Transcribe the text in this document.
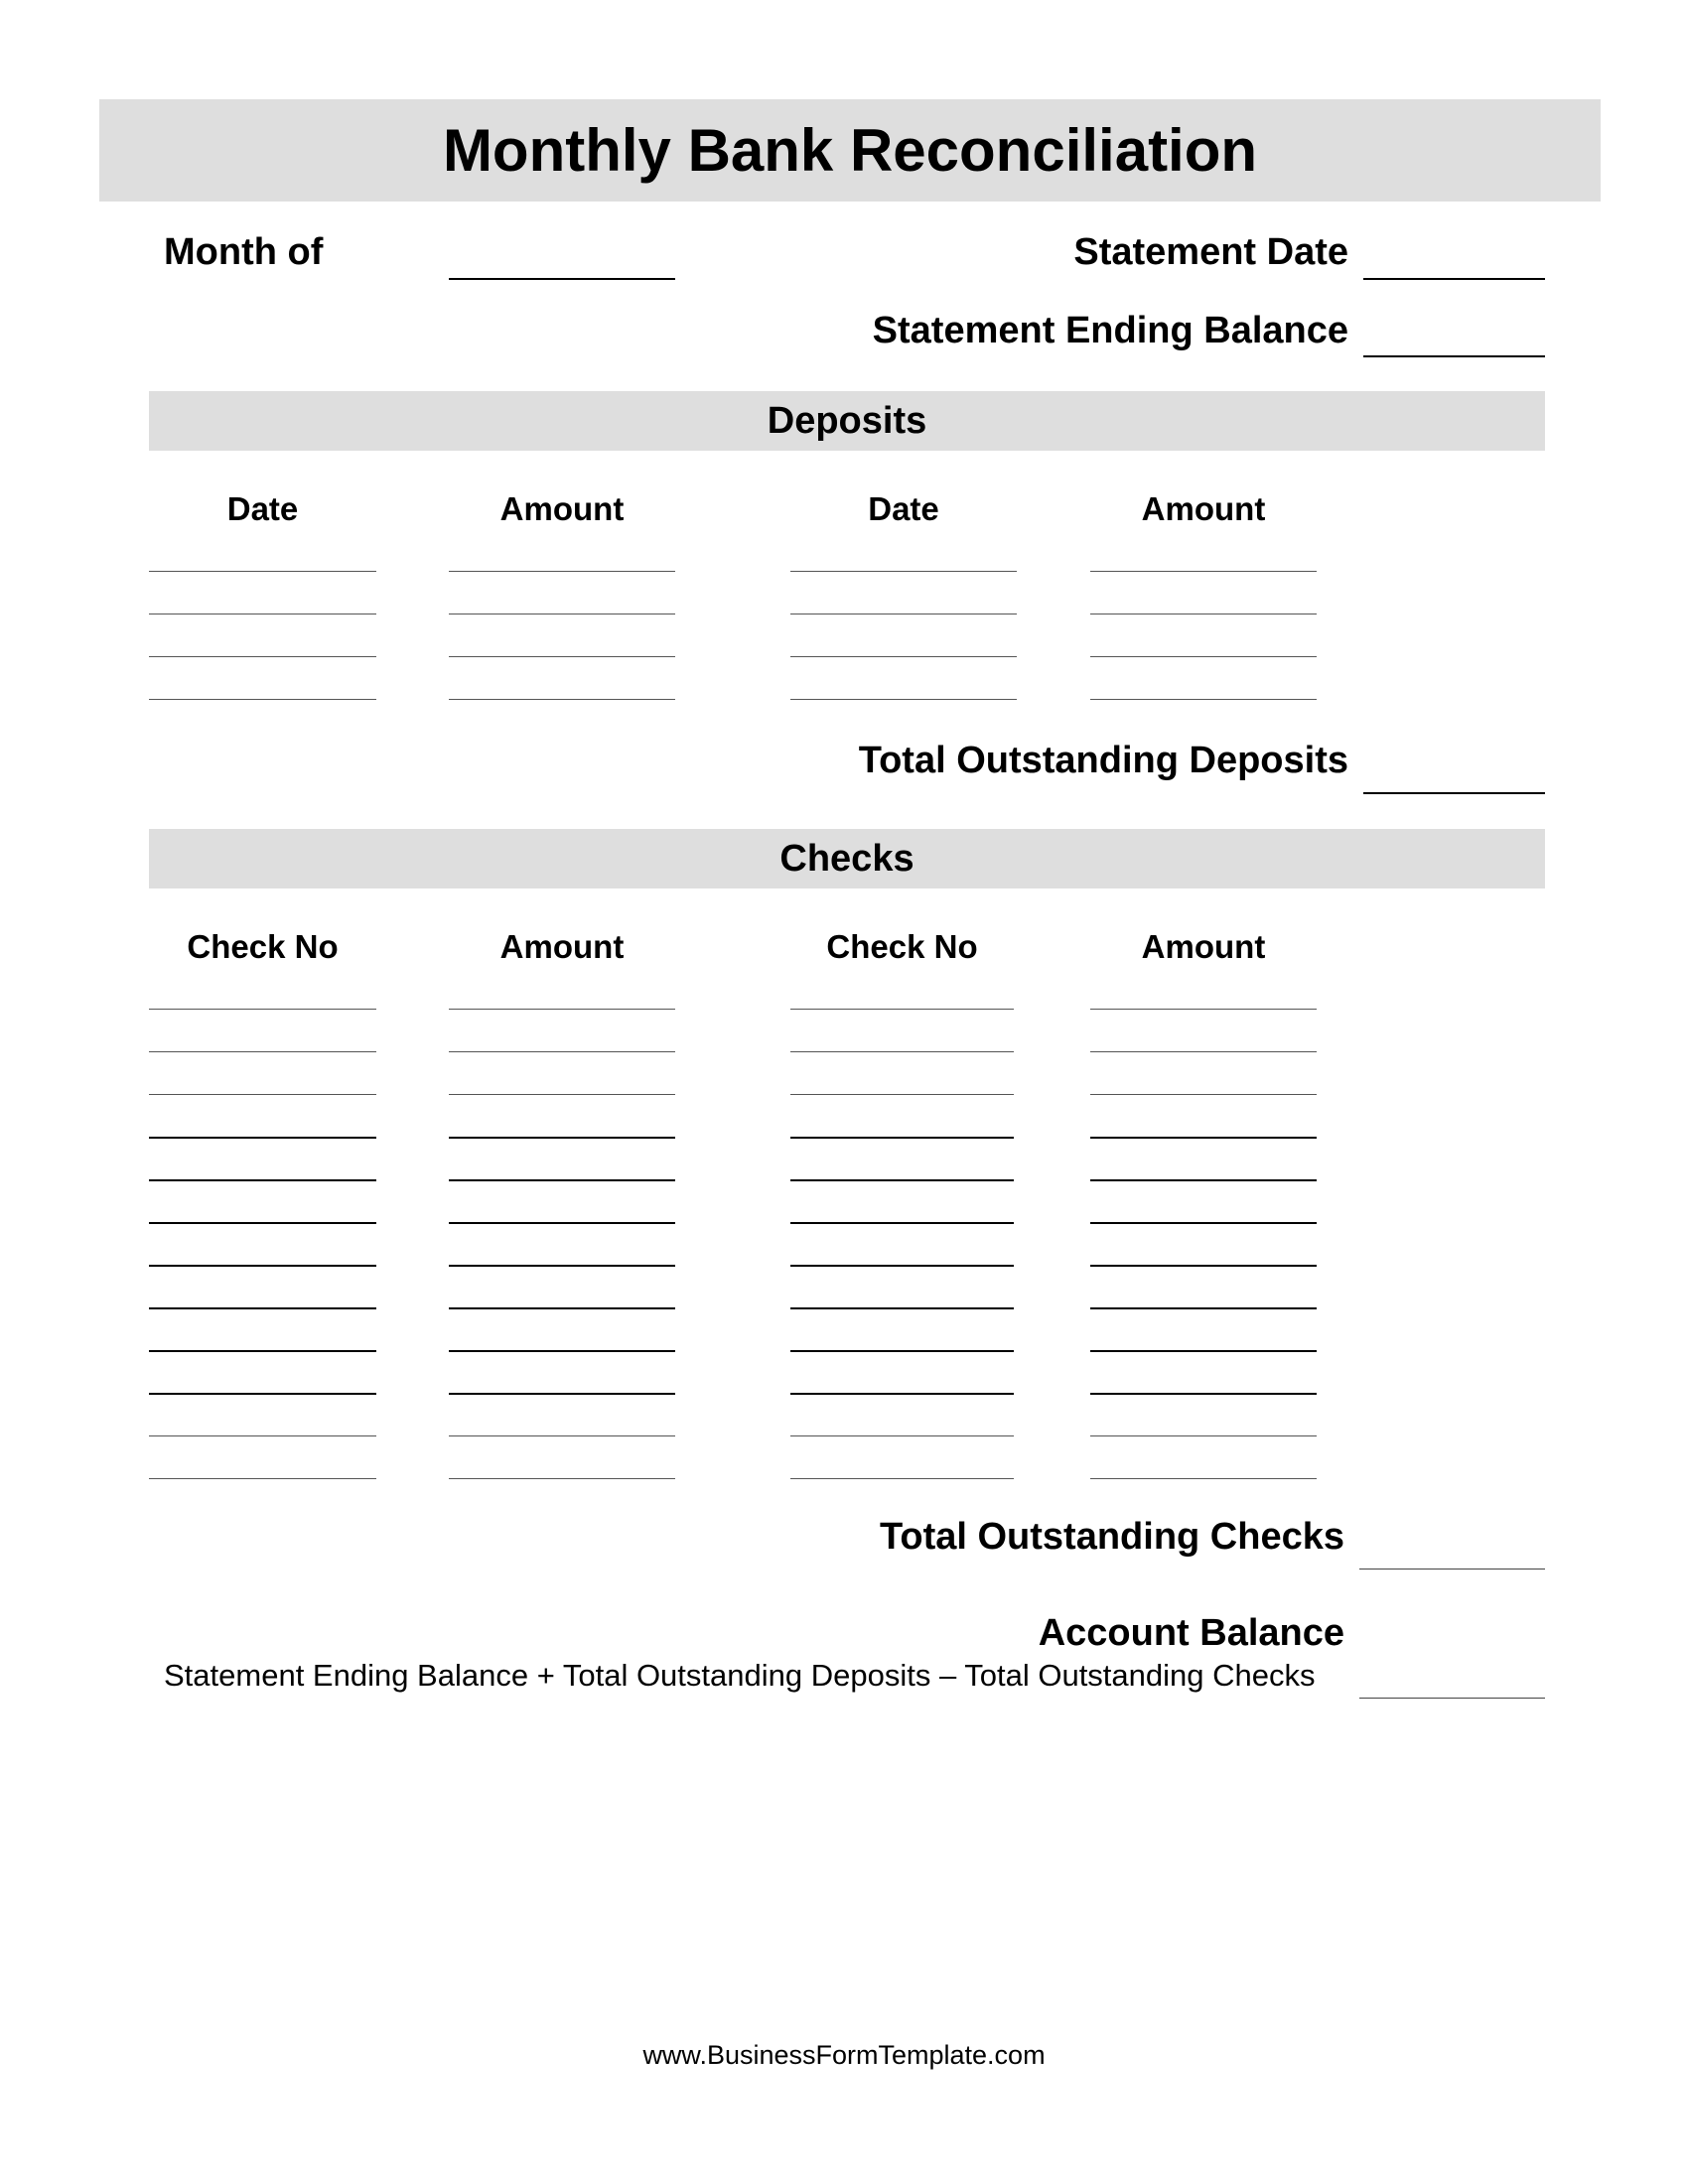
Monthly Bank Reconciliation
Month of	Statement Date
Statement Ending Balance
Deposits
Date	Amount	Date	Amount
Total Outstanding Deposits
Checks
Check No	Amount	Check No	Amount
Total Outstanding Checks
Account Balance
Statement Ending Balance + Total Outstanding Deposits – Total Outstanding Checks
www.BusinessFormTemplate.com
